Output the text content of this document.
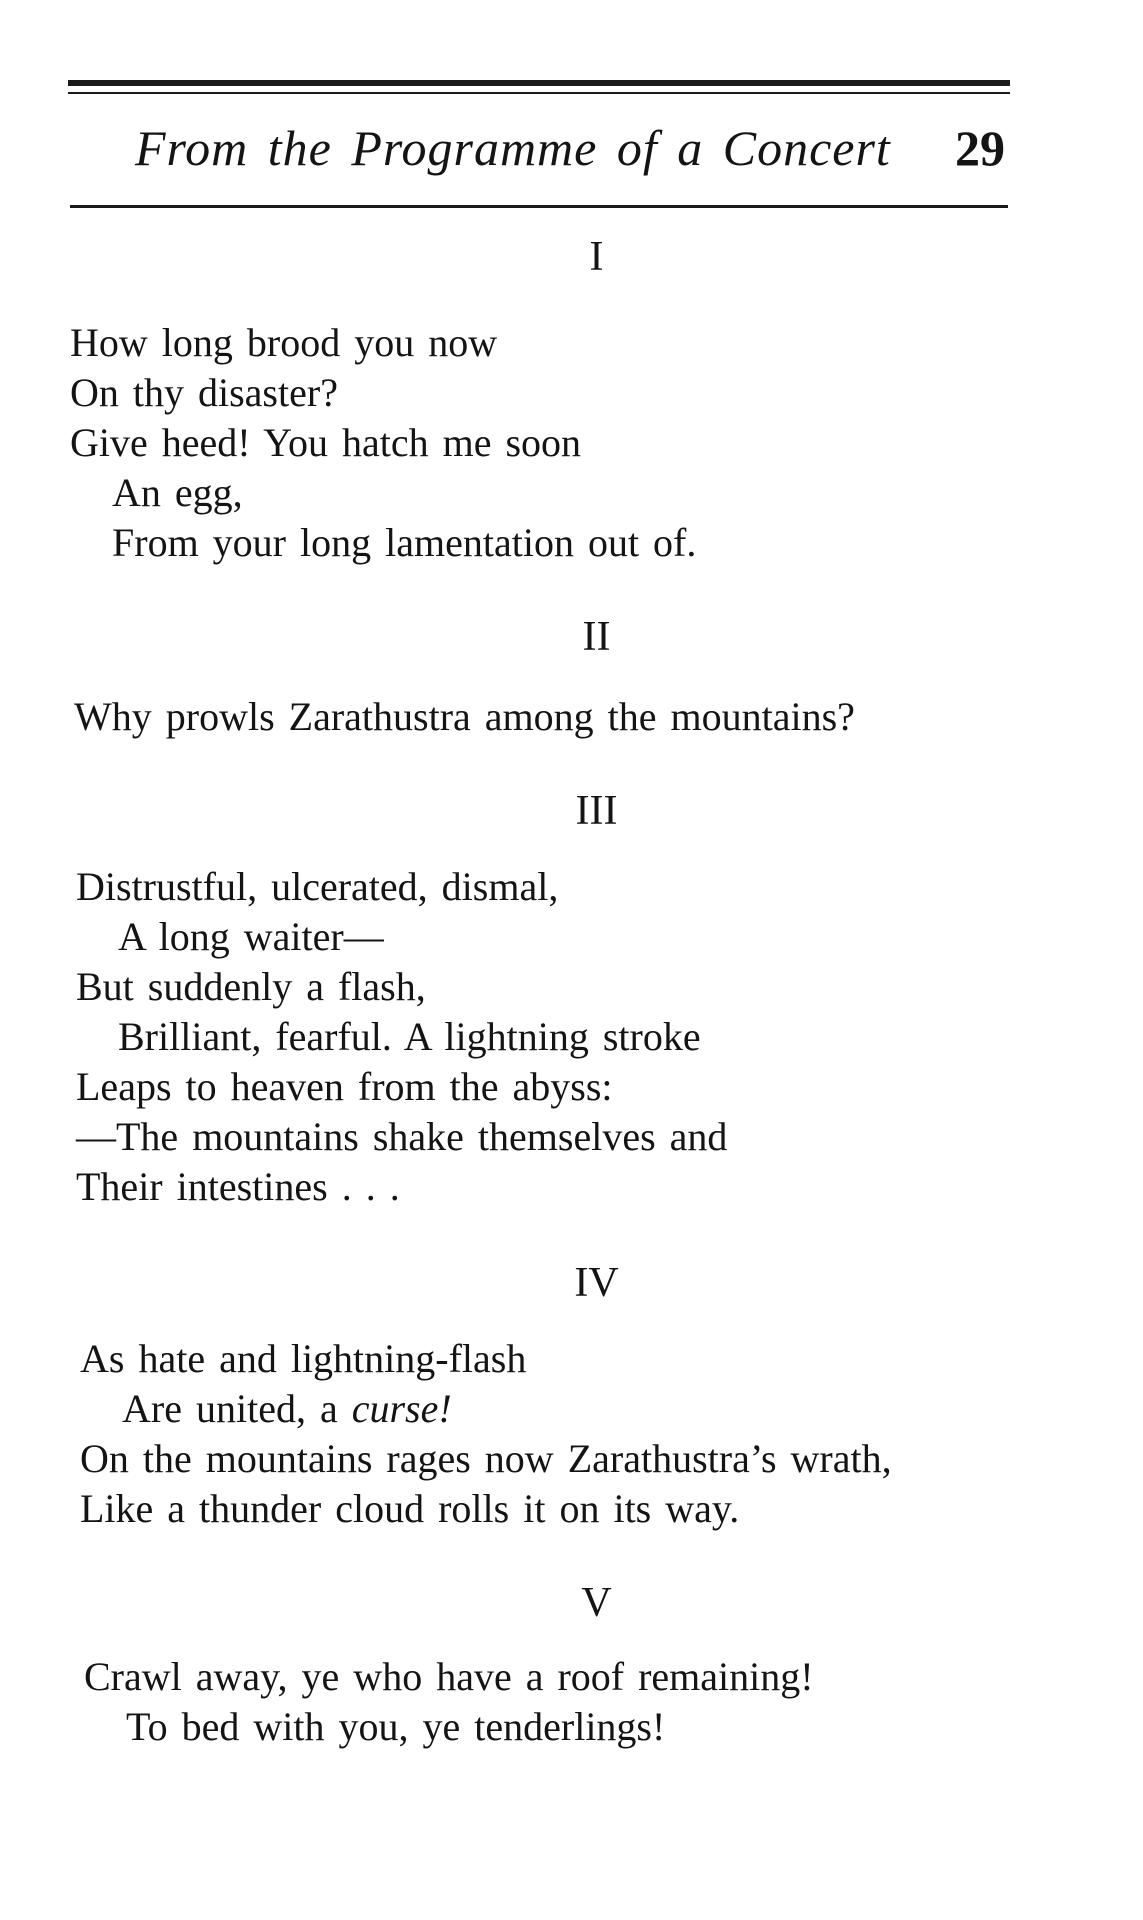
From the Programme of a Concert 29
I
How long brood you now
On thy disaster?
Give heed! You hatch me soon
An egg,
From your long lamentation out of.
II
Why prowls Zarathustra among the mountains?
III
Distrustful, ulcerated, dismal,
A long waiter—
But suddenly a flash,
Brilliant, fearful. A lightning stroke
Leaps to heaven from the abyss:
—The mountains shake themselves and
Their intestines . . .
IV
As hate and lightning-flash
Are united, a curse!
On the mountains rages now Zarathustra’s wrath,
Like a thunder cloud rolls it on its way.
V
Crawl away, ye who have a roof remaining!
To bed with you, ye tenderlings!
